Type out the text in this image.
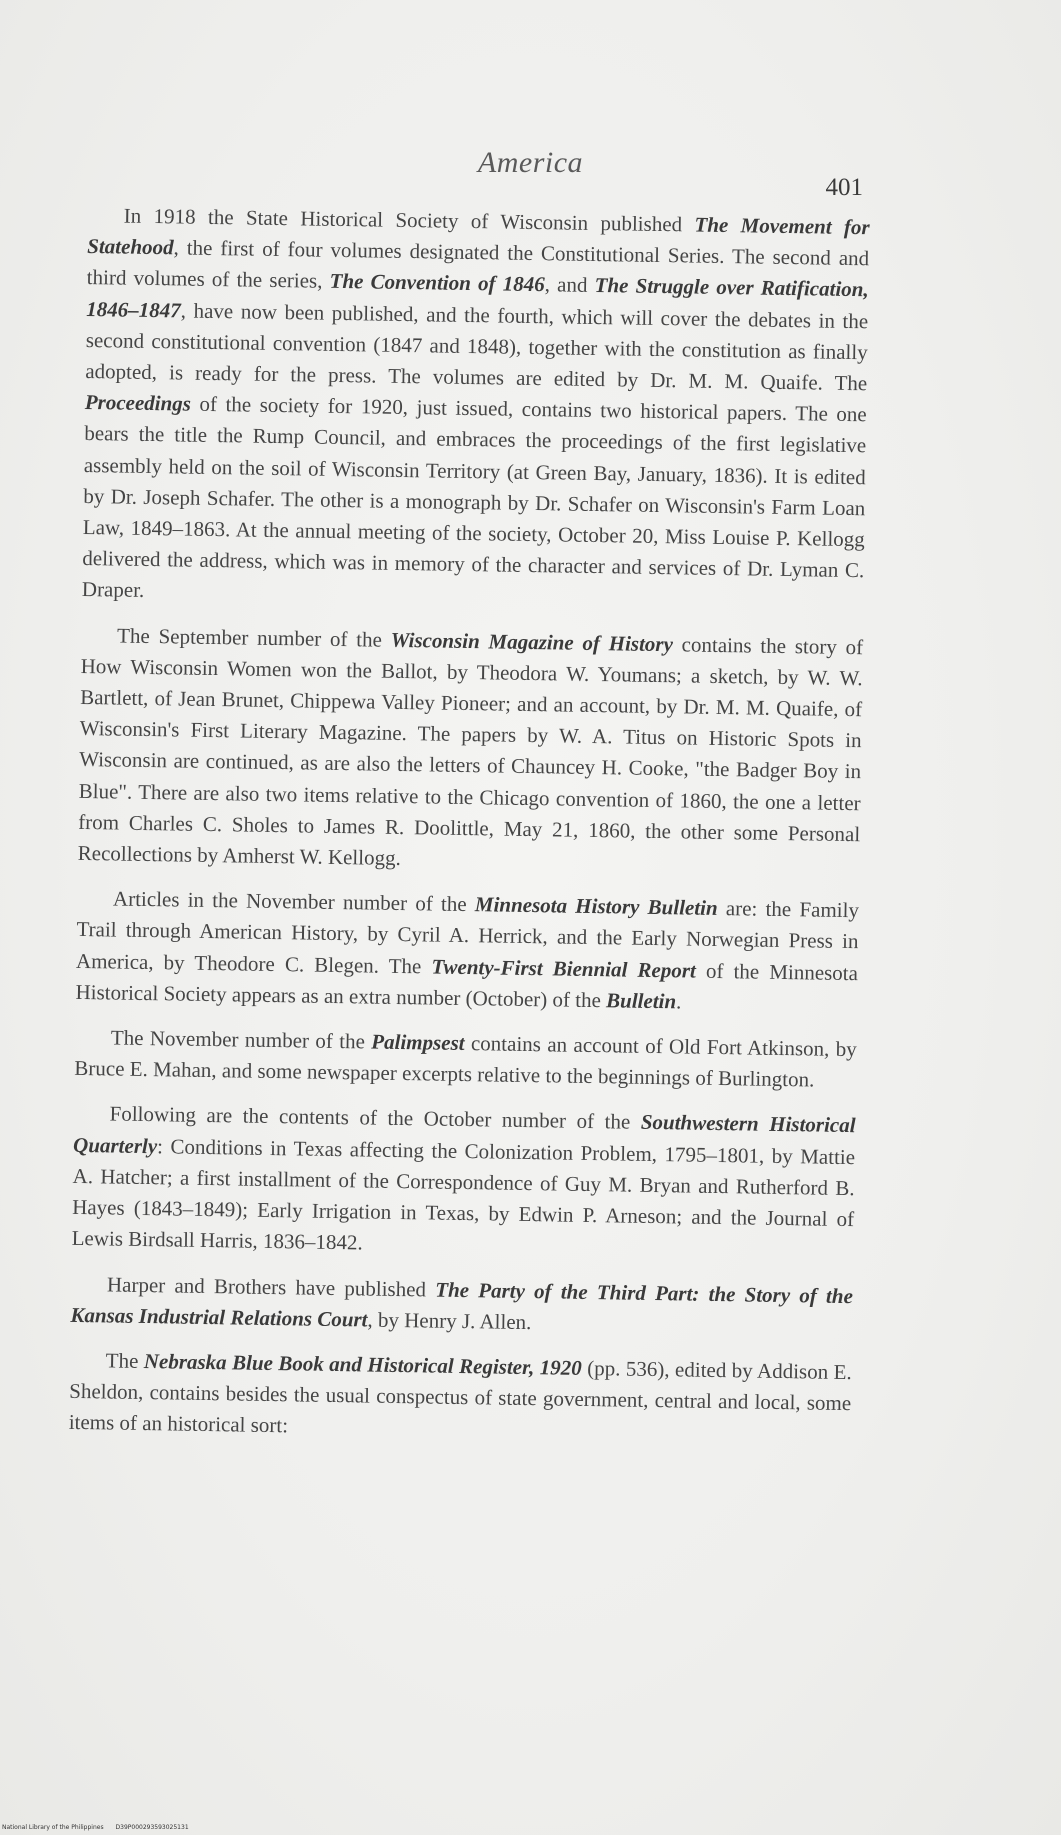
America
401

In 1918 the State Historical Society of Wisconsin published The Movement for Statehood, the first of four volumes designated the Constitutional Series. The second and third volumes of the series, The Convention of 1846, and The Struggle over Ratification, 1846–1847, have now been published, and the fourth, which will cover the debates in the second constitutional convention (1847 and 1848), together with the constitution as finally adopted, is ready for the press. The volumes are edited by Dr. M. M. Quaife. The Proceedings of the society for 1920, just issued, contains two historical papers. The one bears the title the Rump Council, and embraces the proceedings of the first legislative assembly held on the soil of Wisconsin Territory (at Green Bay, January, 1836). It is edited by Dr. Joseph Schafer. The other is a monograph by Dr. Schafer on Wisconsin's Farm Loan Law, 1849–1863. At the annual meeting of the society, October 20, Miss Louise P. Kellogg delivered the address, which was in memory of the character and services of Dr. Lyman C. Draper.

The September number of the Wisconsin Magazine of History contains the story of How Wisconsin Women won the Ballot, by Theodora W. Youmans; a sketch, by W. W. Bartlett, of Jean Brunet, Chippewa Valley Pioneer; and an account, by Dr. M. M. Quaife, of Wisconsin's First Literary Magazine. The papers by W. A. Titus on Historic Spots in Wisconsin are continued, as are also the letters of Chauncey H. Cooke, "the Badger Boy in Blue". There are also two items relative to the Chicago convention of 1860, the one a letter from Charles C. Sholes to James R. Doolittle, May 21, 1860, the other some Personal Recollections by Amherst W. Kellogg.

Articles in the November number of the Minnesota History Bulletin are: the Family Trail through American History, by Cyril A. Herrick, and the Early Norwegian Press in America, by Theodore C. Blegen. The Twenty-First Biennial Report of the Minnesota Historical Society appears as an extra number (October) of the Bulletin.

The November number of the Palimpsest contains an account of Old Fort Atkinson, by Bruce E. Mahan, and some newspaper excerpts relative to the beginnings of Burlington.

Following are the contents of the October number of the Southwestern Historical Quarterly: Conditions in Texas affecting the Colonization Problem, 1795–1801, by Mattie A. Hatcher; a first installment of the Correspondence of Guy M. Bryan and Rutherford B. Hayes (1843–1849); Early Irrigation in Texas, by Edwin P. Arneson; and the Journal of Lewis Birdsall Harris, 1836–1842.

Harper and Brothers have published The Party of the Third Part: the Story of the Kansas Industrial Relations Court, by Henry J. Allen.

The Nebraska Blue Book and Historical Register, 1920 (pp. 536), edited by Addison E. Sheldon, contains besides the usual conspectus of state government, central and local, some items of an historical sort:

National Library of the Philippines D39P000293593025131
